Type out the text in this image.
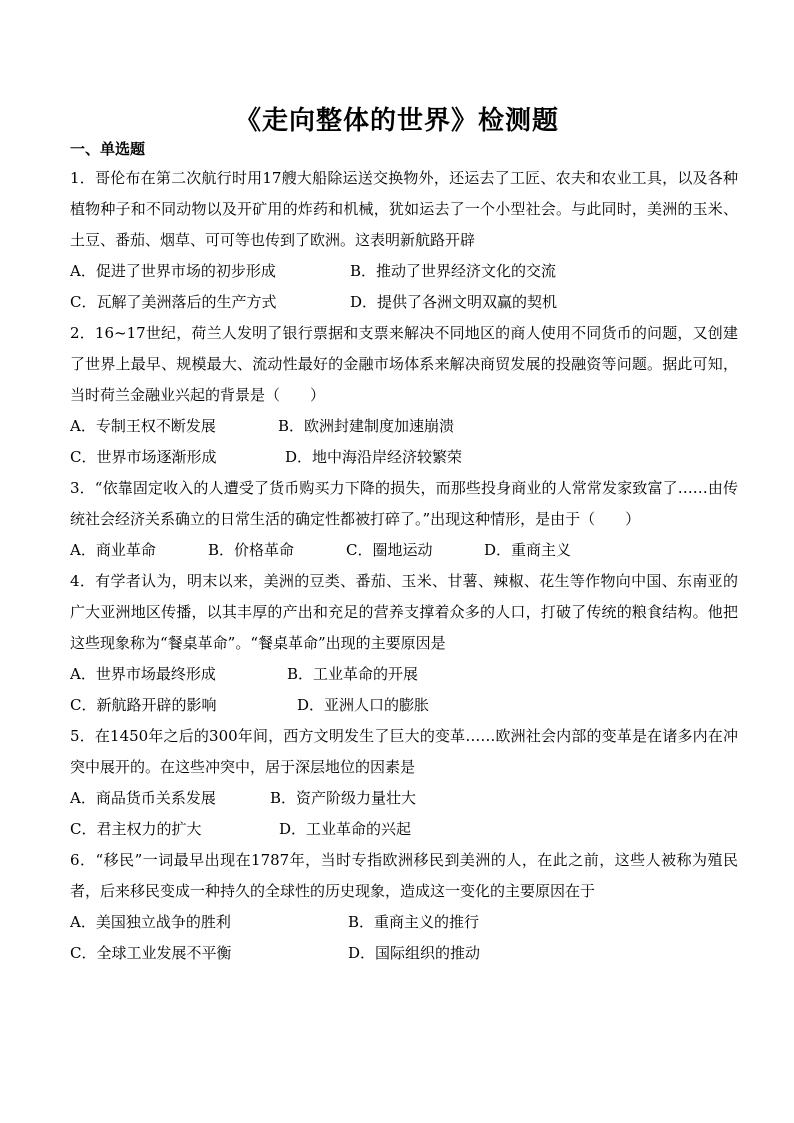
《走向整体的世界》检测题
一、单选题
1．哥伦布在第二次航行时用17艘大船除运送交换物外，还运去了工匠、农夫和农业工具，以及各种植物种子和不同动物以及开矿用的炸药和机械，犹如运去了一个小型社会。与此同时，美洲的玉米、土豆、番茄、烟草、可可等也传到了欧洲。这表明新航路开辟
A．促进了世界市场的初步形成	B．推动了世界经济文化的交流
C．瓦解了美洲落后的生产方式	D．提供了各洲文明双赢的契机
2．16~17世纪，荷兰人发明了银行票据和支票来解决不同地区的商人使用不同货币的问题，又创建了世界上最早、规模最大、流动性最好的金融市场体系来解决商贸发展的投融资等问题。据此可知，当时荷兰金融业兴起的背景是（　　）
A．专制王权不断发展	B．欧洲封建制度加速崩溃
C．世界市场逐渐形成	D．地中海沿岸经济较繁荣
3．“依靠固定收入的人遭受了货币购买力下降的损失，而那些投身商业的人常常发家致富了……由传统社会经济关系确立的日常生活的确定性都被打碎了。”出现这种情形，是由于（　　）
A．商业革命	B．价格革命	C．圈地运动	D．重商主义
4．有学者认为，明末以来，美洲的豆类、番茄、玉米、甘薯、辣椒、花生等作物向中国、东南亚的广大亚洲地区传播，以其丰厚的产出和充足的营养支撑着众多的人口，打破了传统的粮食结构。他把这些现象称为“餐桌革命”。“餐桌革命”出现的主要原因是
A．世界市场最终形成	B．工业革命的开展
C．新航路开辟的影响	D．亚洲人口的膨胀
5．在1450年之后的300年间，西方文明发生了巨大的变革……欧洲社会内部的变革是在诸多内在冲突中展开的。在这些冲突中，居于深层地位的因素是
A．商品货币关系发展	B．资产阶级力量壮大
C．君主权力的扩大	D．工业革命的兴起
6．“移民”一词最早出现在1787年，当时专指欧洲移民到美洲的人，在此之前，这些人被称为殖民者，后来移民变成一种持久的全球性的历史现象，造成这一变化的主要原因在于
A．美国独立战争的胜利	B．重商主义的推行
C．全球工业发展不平衡	D．国际组织的推动
